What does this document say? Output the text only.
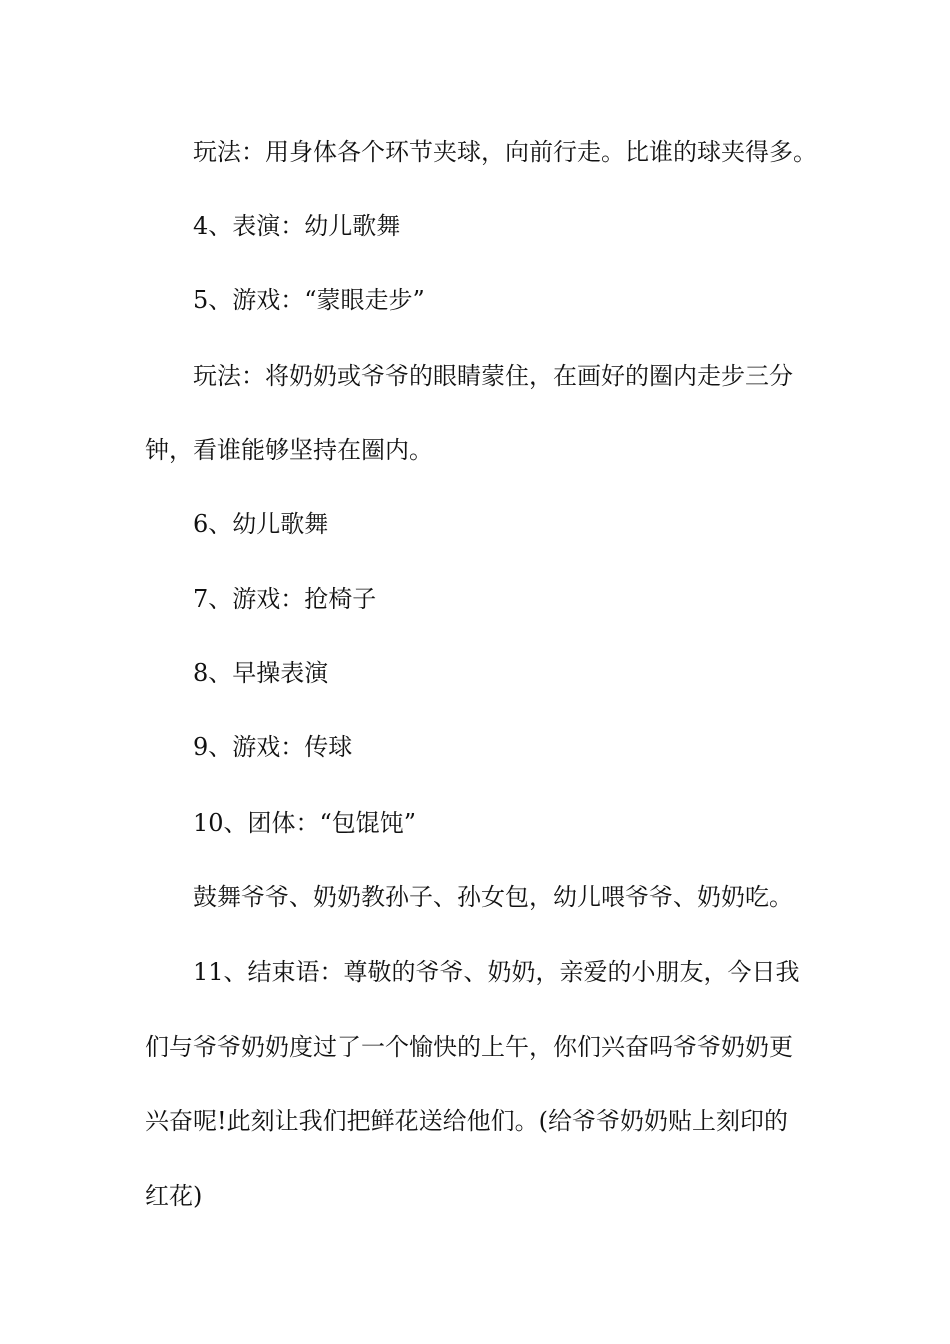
玩法：用身体各个环节夹球，向前行走。比谁的球夹得多。
4、表演：幼儿歌舞
5、游戏：“蒙眼走步”
玩法：将奶奶或爷爷的眼睛蒙住，在画好的圈内走步三分
钟，看谁能够坚持在圈内。
6、幼儿歌舞
7、游戏：抢椅子
8、早操表演
9、游戏：传球
10、团体：“包馄饨”
鼓舞爷爷、奶奶教孙子、孙女包，幼儿喂爷爷、奶奶吃。
11、结束语：尊敬的爷爷、奶奶，亲爱的小朋友，今日我
们与爷爷奶奶度过了一个愉快的上午，你们兴奋吗爷爷奶奶更
兴奋呢!此刻让我们把鲜花送给他们。(给爷爷奶奶贴上刻印的
红花)
